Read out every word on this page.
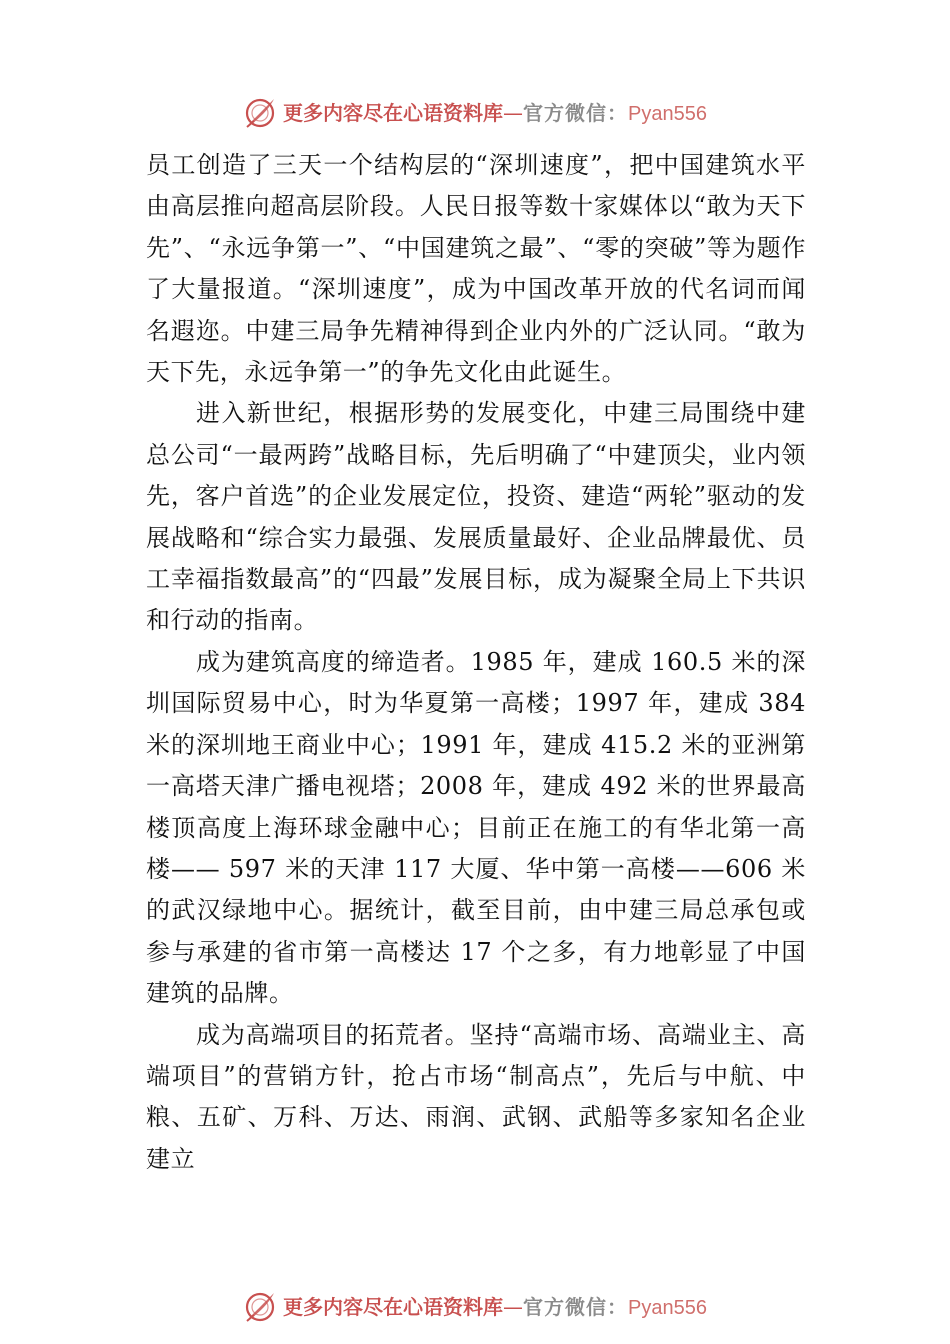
更多内容尽在心语资料库—官方微信：Pyan556

员工创造了三天一个结构层的“深圳速度”，把中国建筑水平由高层推向超高层阶段。人民日报等数十家媒体以“敢为天下先”、“永远争第一”、“中国建筑之最”、“零的突破”等为题作了大量报道。“深圳速度”，成为中国改革开放的代名词而闻名遐迩。中建三局争先精神得到企业内外的广泛认同。“敢为天下先，永远争第一”的争先文化由此诞生。

进入新世纪，根据形势的发展变化，中建三局围绕中建总公司“一最两跨”战略目标，先后明确了“中建顶尖，业内领先，客户首选”的企业发展定位，投资、建造“两轮”驱动的发展战略和“综合实力最强、发展质量最好、企业品牌最优、员工幸福指数最高”的“四最”发展目标，成为凝聚全局上下共识和行动的指南。

成为建筑高度的缔造者。1985 年，建成 160.5 米的深圳国际贸易中心，时为华夏第一高楼；1997 年，建成 384 米的深圳地王商业中心；1991 年，建成 415.2 米的亚洲第一高塔天津广播电视塔；2008 年，建成 492 米的世界最高楼顶高度上海环球金融中心；目前正在施工的有华北第一高楼—— 597 米的天津 117 大厦、华中第一高楼——606 米的武汉绿地中心。据统计，截至目前，由中建三局总承包或参与承建的省市第一高楼达 17 个之多，有力地彰显了中国建筑的品牌。

成为高端项目的拓荒者。坚持“高端市场、高端业主、高端项目”的营销方针，抢占市场“制高点”，先后与中航、中粮、五矿、万科、万达、雨润、武钢、武船等多家知名企业建立

更多内容尽在心语资料库—官方微信：Pyan556
